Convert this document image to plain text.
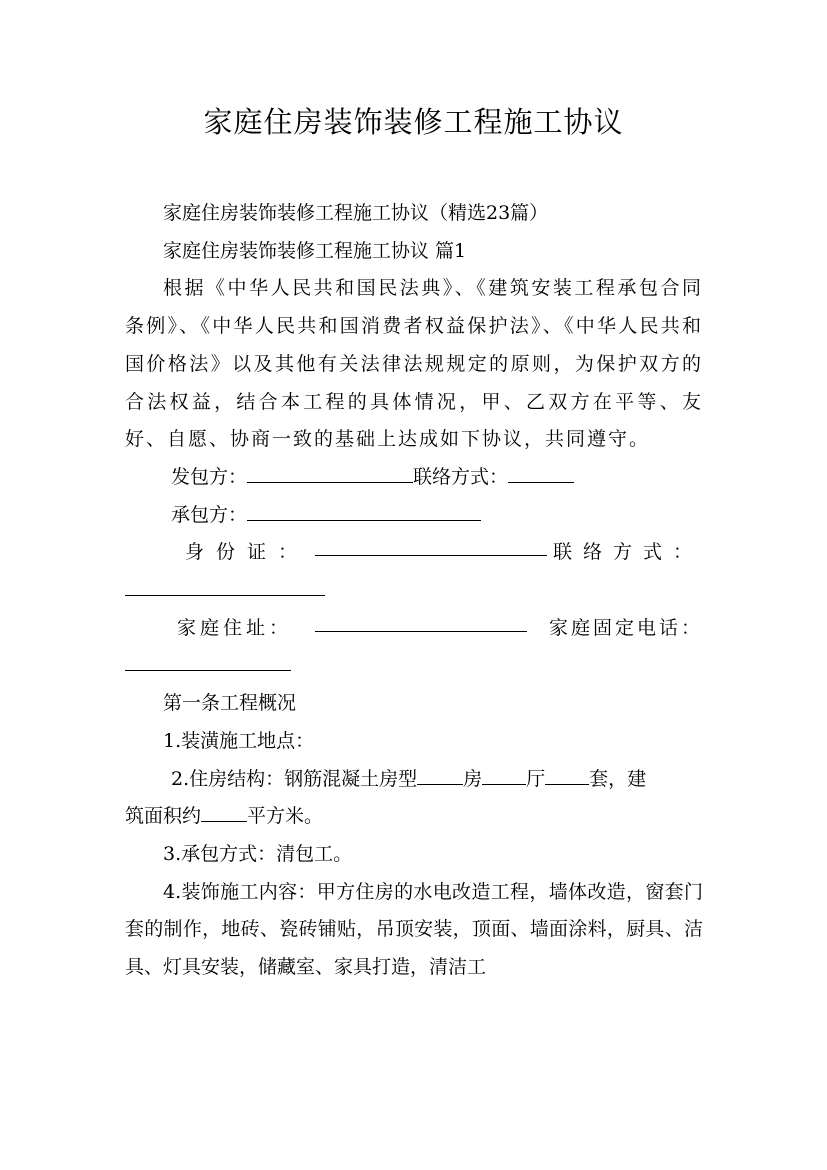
家庭住房装饰装修工程施工协议

家庭住房装饰装修工程施工协议（精选23篇）

家庭住房装饰装修工程施工协议 篇1

根据《中华人民共和国民法典》、《建筑安装工程承包合同条例》、《中华人民共和国消费者权益保护法》、《中华人民共和国价格法》以及其他有关法律法规规定的原则，为保护双方的合法权益，结合本工程的具体情况，甲、乙双方在平等、友好、自愿、协商一致的基础上达成如下协议，共同遵守。

发包方：	联络方式：

承包方：

身份证：	联络方式：

家庭住址：	家庭固定电话：

第一条工程概况

1.装潢施工地点：

2.住房结构：钢筋混凝土房型 房 厅 套，建

筑面积约 平方米。

3.承包方式：清包工。

4.装饰施工内容：甲方住房的水电改造工程，墙体改造，窗套门套的制作，地砖、瓷砖铺贴，吊顶安装，顶面、墙面涂料，厨具、洁具、灯具安装，储藏室、家具打造，清洁工
